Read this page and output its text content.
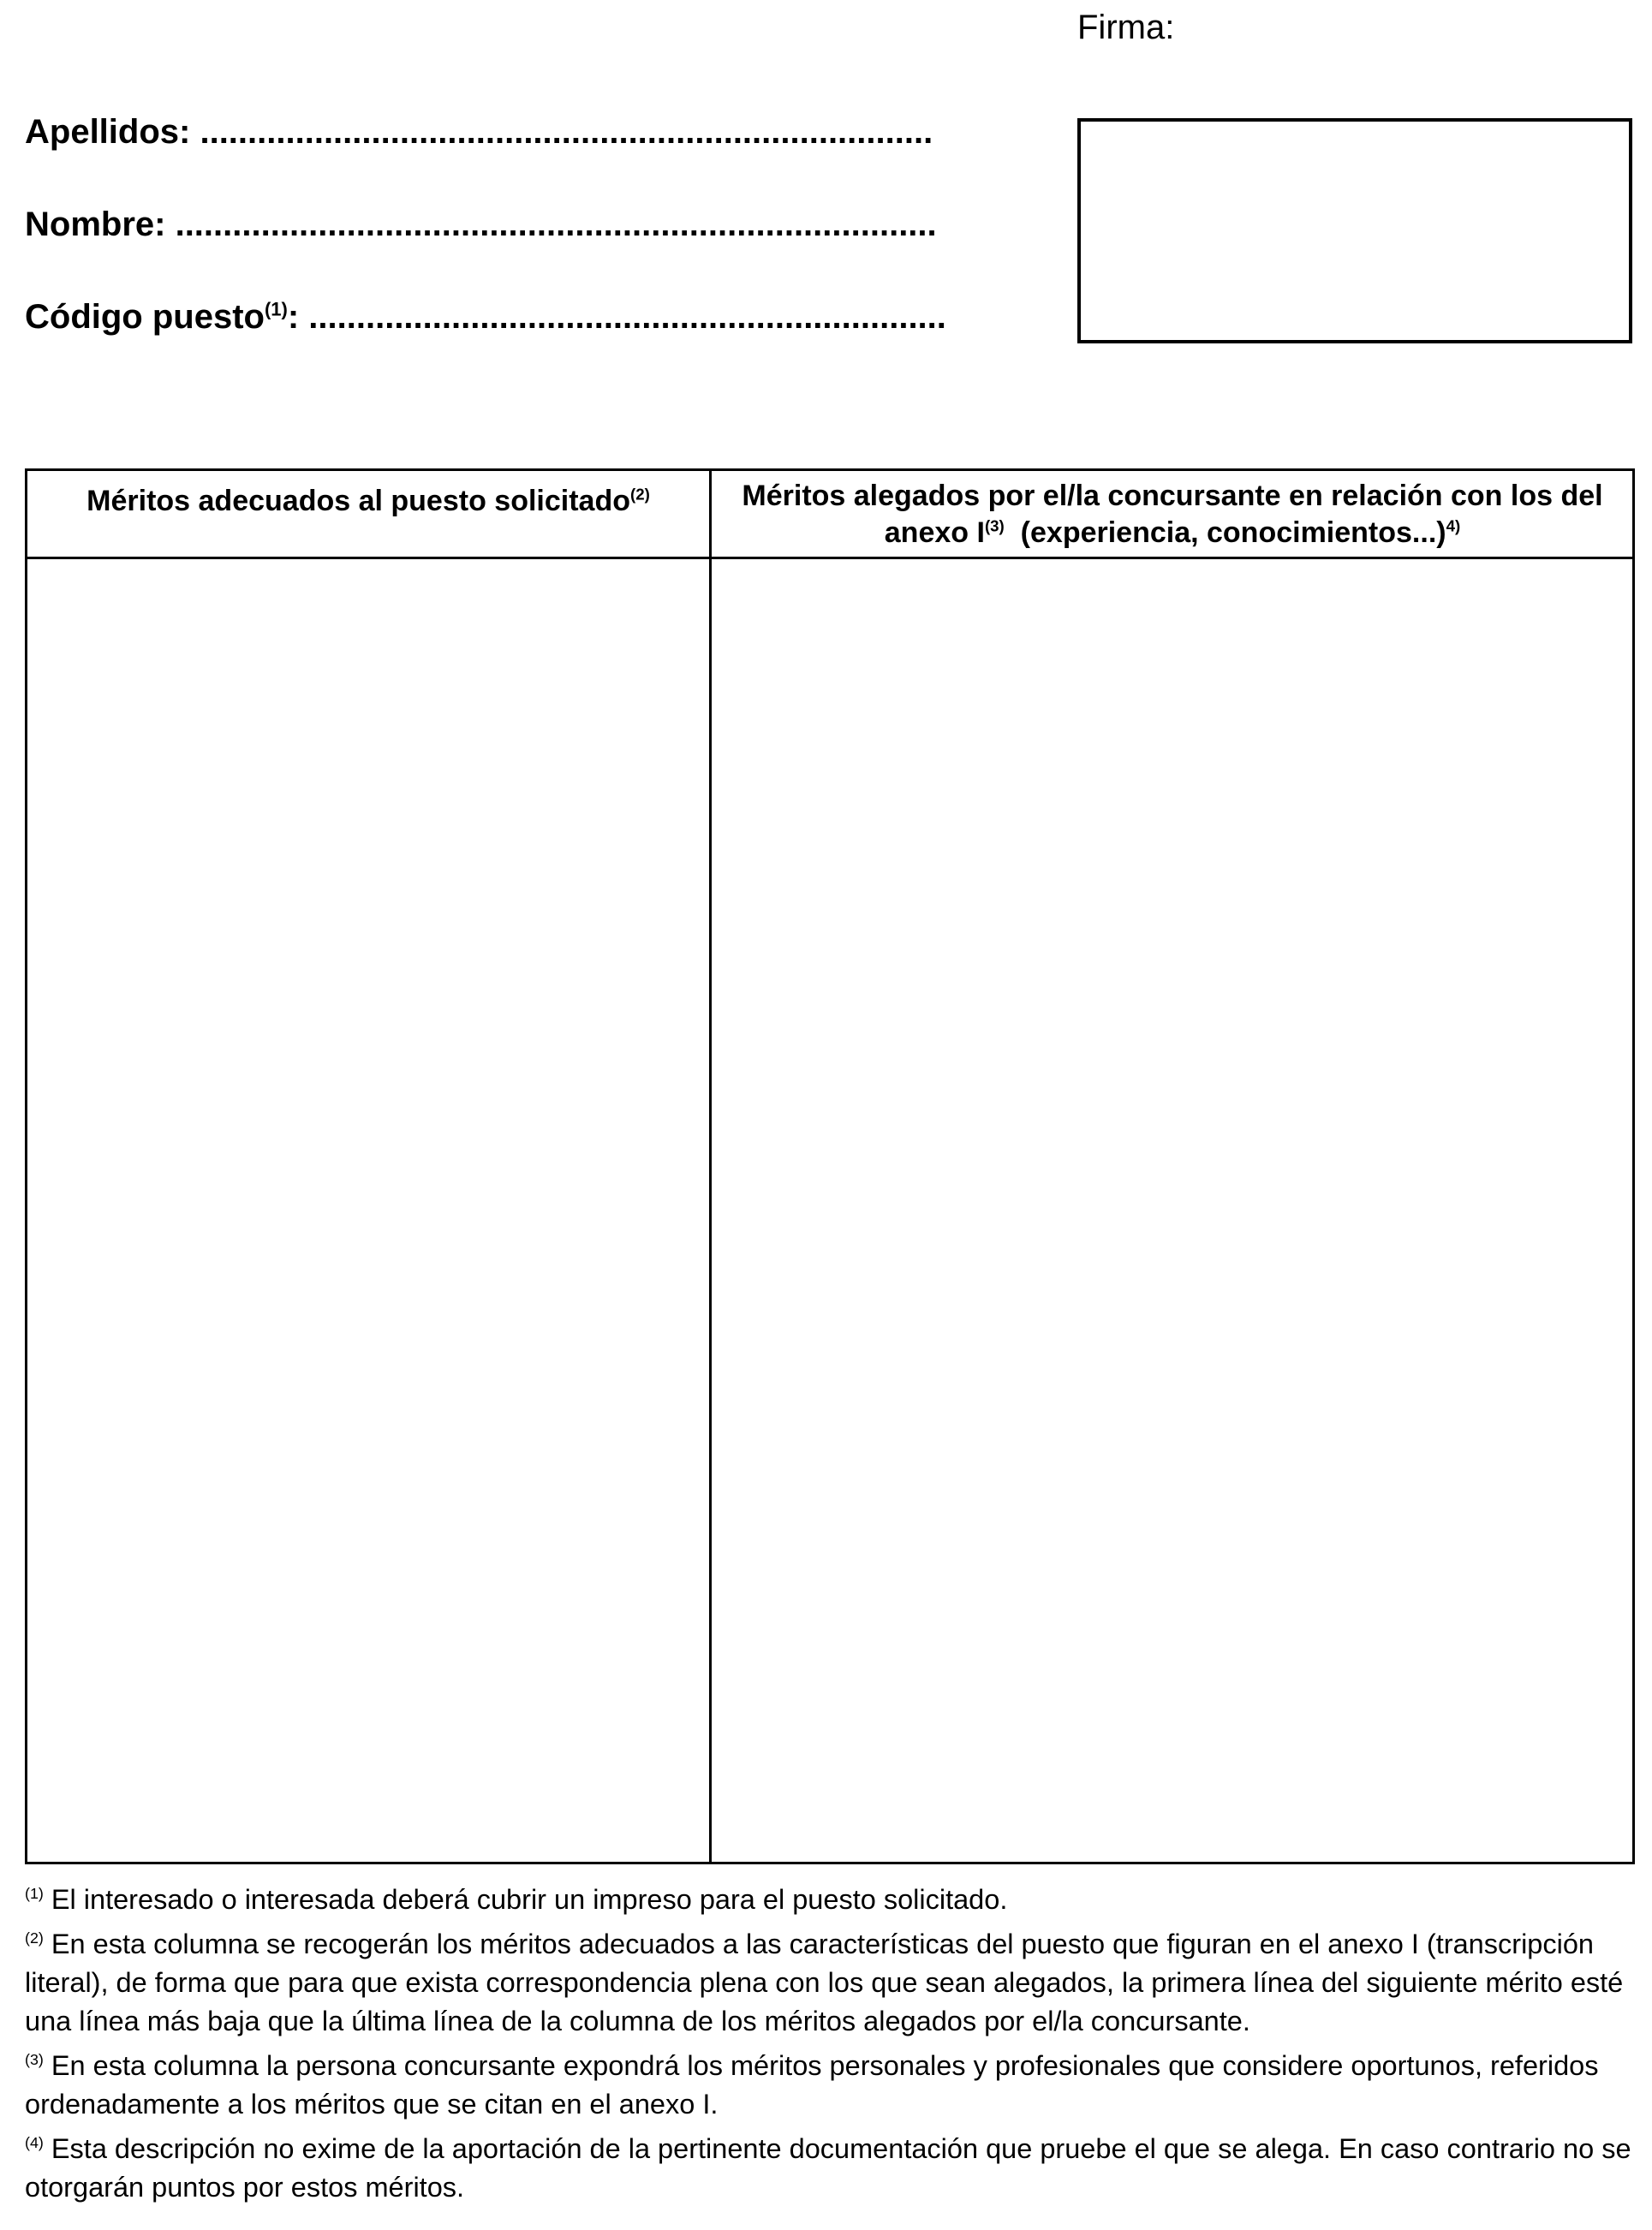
Firma:
Apellidos: .............................................................................
Nombre: ................................................................................
Código puesto$^{(1)}$: ...................................................................
Méritos adecuados al puesto solicitado$^{(2)}$	Méritos alegados por el/la concursante en relación con los del
anexo $I^{(3)}$  (experiencia, conocimientos...)$^{4)}$

$^{(1)}$ El interesado o interesada deberá cubrir un impreso para el puesto solicitado.

$^{(2)}$ En esta columna se recogerán los méritos adecuados a las características del puesto que figuran en el anexo I (transcripción literal), de forma que para que exista correspondencia plena con los que sean alegados, la primera línea del siguiente mérito esté una línea más baja que la última línea de la columna de los méritos alegados por el/la concursante.

$^{(3)}$ En esta columna la persona concursante expondrá los méritos personales y profesionales que considere oportunos, referidos ordenadamente a los méritos que se citan en el anexo I.

$^{(4)}$ Esta descripción no exime de la aportación de la pertinente documentación que pruebe el que se alega. En caso contrario no se otorgarán puntos por estos méritos.
